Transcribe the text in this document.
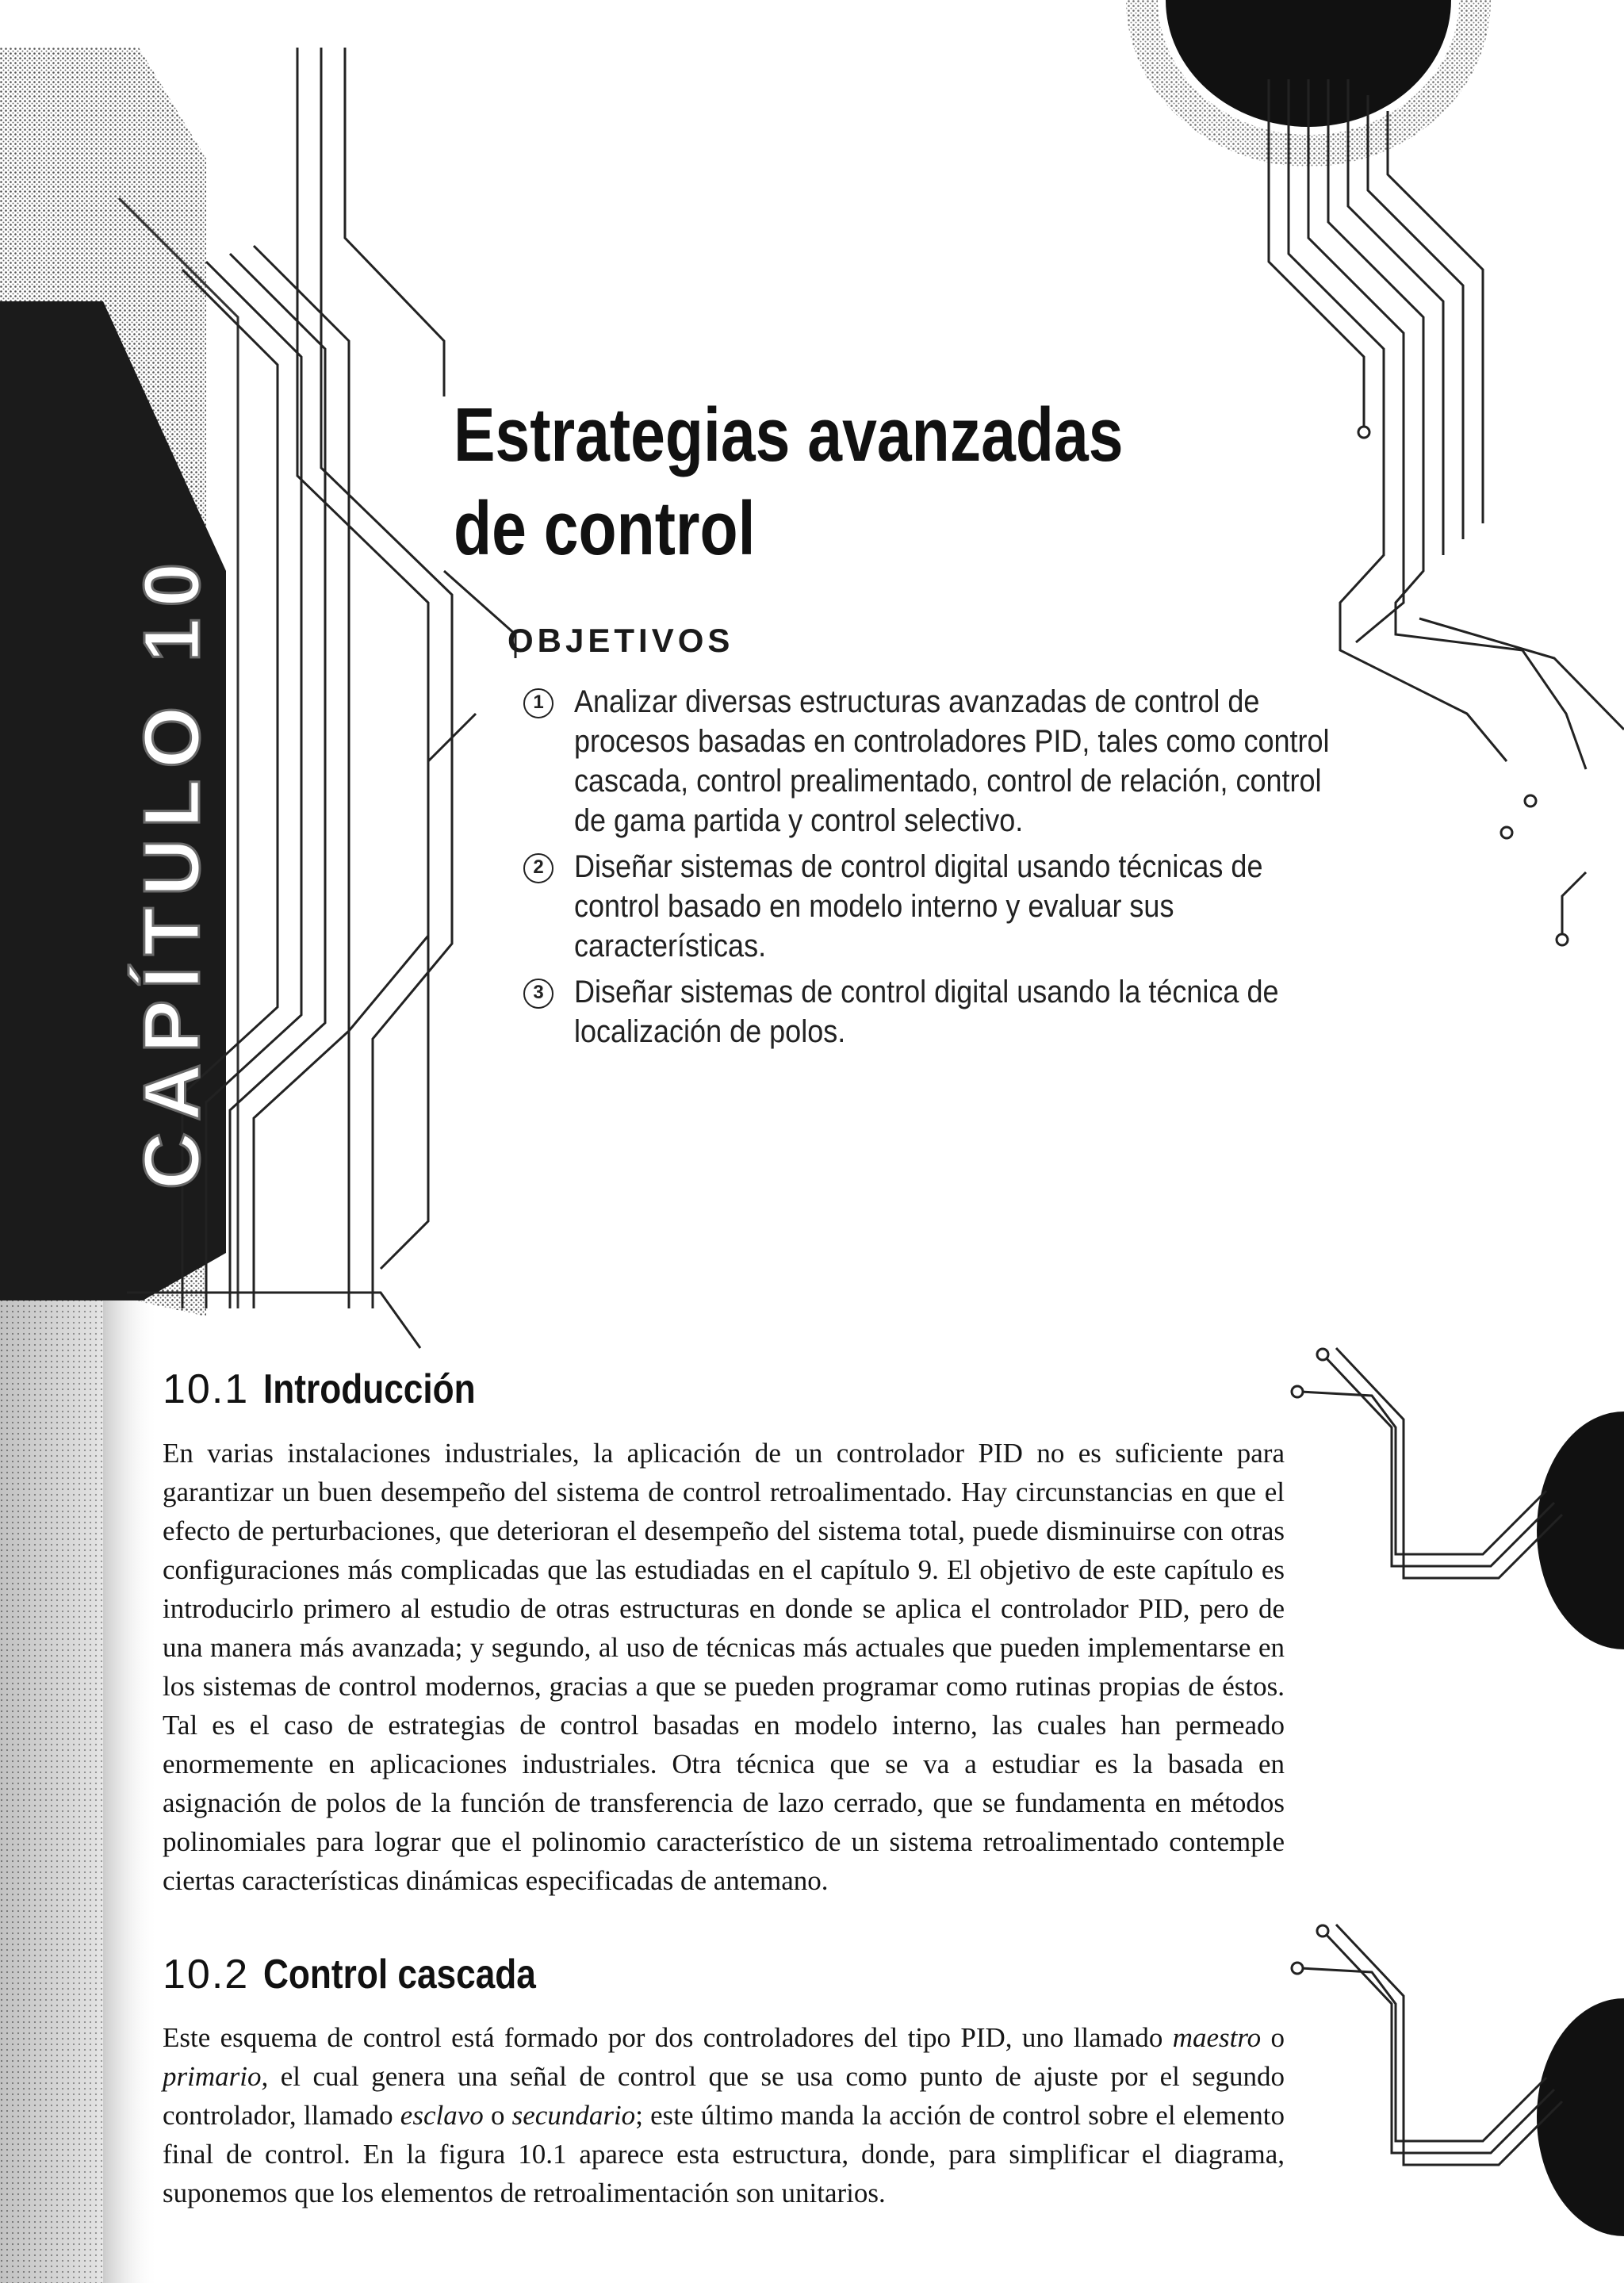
CAPÍTULO 10
Estrategias avanzadas
de control
OBJETIVOS
1 Analizar diversas estructuras avanzadas de control de procesos basadas en controladores PID, tales como control cascada, control prealimentado, control de relación, control de gama partida y control selectivo.
2 Diseñar sistemas de control digital usando técnicas de control basado en modelo interno y evaluar sus características.
3 Diseñar sistemas de control digital usando la técnica de localización de polos.
10.1 Introducción

En varias instalaciones industriales, la aplicación de un controlador PID no es suficiente para garantizar un buen desempeño del sistema de control retroalimentado. Hay circunstancias en que el efecto de perturbaciones, que deterioran el desempeño del sistema total, puede disminuirse con otras configuraciones más complicadas que las estudiadas en el capítulo 9. El objetivo de este capítulo es introducirlo primero al estudio de otras estructuras en donde se aplica el controlador PID, pero de una manera más avanzada; y segundo, al uso de técnicas más actuales que pueden implementarse en los sistemas de control modernos, gracias a que se pueden programar como rutinas propias de éstos. Tal es el caso de estrategias de control basadas en modelo interno, las cuales han permeado enormemente en aplicaciones industriales. Otra técnica que se va a estudiar es la basada en asignación de polos de la función de transferencia de lazo cerrado, que se fundamenta en métodos polinomiales para lograr que el polinomio característico de un sistema retroalimentado contemple ciertas características dinámicas especificadas de antemano.

10.2 Control cascada

Este esquema de control está formado por dos controladores del tipo PID, uno llamado maestro o primario, el cual genera una señal de control que se usa como punto de ajuste por el segundo controlador, llamado esclavo o secundario; este último manda la acción de control sobre el elemento final de control. En la figura 10.1 aparece esta estructura, donde, para simplificar el diagrama, suponemos que los elementos de retroalimentación son unitarios.
